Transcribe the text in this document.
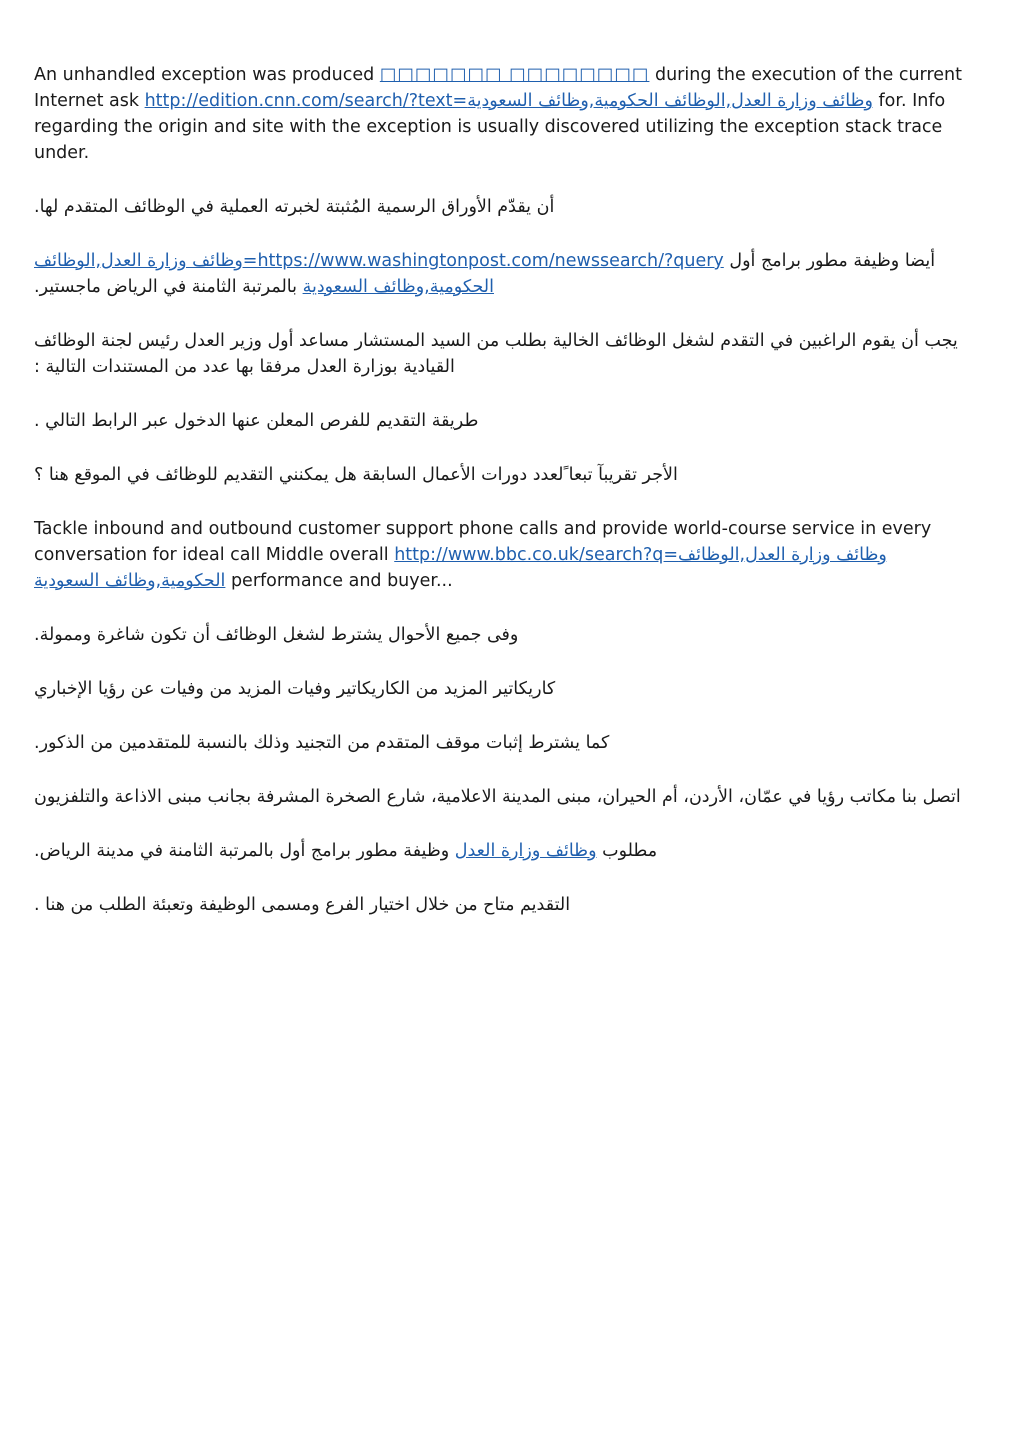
An unhandled exception was produced □□□□□□□ □□□□□□□□ during the execution of the current Internet ask http://edition.cnn.com/search/?text=وظائف وزارة العدل,الوظائف الحكومية,وظائف السعودية for. Info regarding the origin and site with the exception is usually discovered utilizing the exception stack trace under.

أن يقدّم الأوراق الرسمية المُثبتة لخبرته العملية في الوظائف المتقدم لها.

أيضا وظيفة مطور برامج أول https://www.washingtonpost.com/newssearch/?query=وظائف وزارة العدل,الوظائف الحكومية,وظائف السعودية بالمرتبة الثامنة في الرياض ماجستير.

يجب أن يقوم الراغبين في التقدم لشغل الوظائف الخالية بطلب من السيد المستشار مساعد أول وزير العدل رئيس لجنة الوظائف القيادية بوزارة العدل مرفقا بها عدد من المستندات التالية :

طريقة التقديم للفرص المعلن عنها الدخول عبر الرابط التالي .

الأجر تقريبآ تبعا ًلعدد دورات الأعمال السابقة هل يمكنني التقديم للوظائف في الموقع هنا ؟

Tackle inbound and outbound customer support phone calls and provide world-course service in every conversation for ideal call Middle overall http://www.bbc.co.uk/search?q=وظائف وزارة العدل,الوظائف الحكومية,وظائف السعودية performance and buyer...

وفى جميع الأحوال يشترط لشغل الوظائف أن تكون شاغرة وممولة.

كاريكاتير المزيد من الكاريكاتير وفيات المزيد من وفيات عن رؤيا الإخباري

كما يشترط إثبات موقف المتقدم من التجنيد وذلك بالنسبة للمتقدمين من الذكور.

اتصل بنا مكاتب رؤيا في عمّان، الأردن، أم الحيران، مبنى المدينة الاعلامية، شارع الصخرة المشرفة بجانب مبنى الاذاعة والتلفزيون

مطلوب وظائف وزارة العدل وظيفة مطور برامج أول بالمرتبة الثامنة في مدينة الرياض.

التقديم متاح من خلال اختيار الفرع ومسمى الوظيفة وتعبئة الطلب من هنا .
